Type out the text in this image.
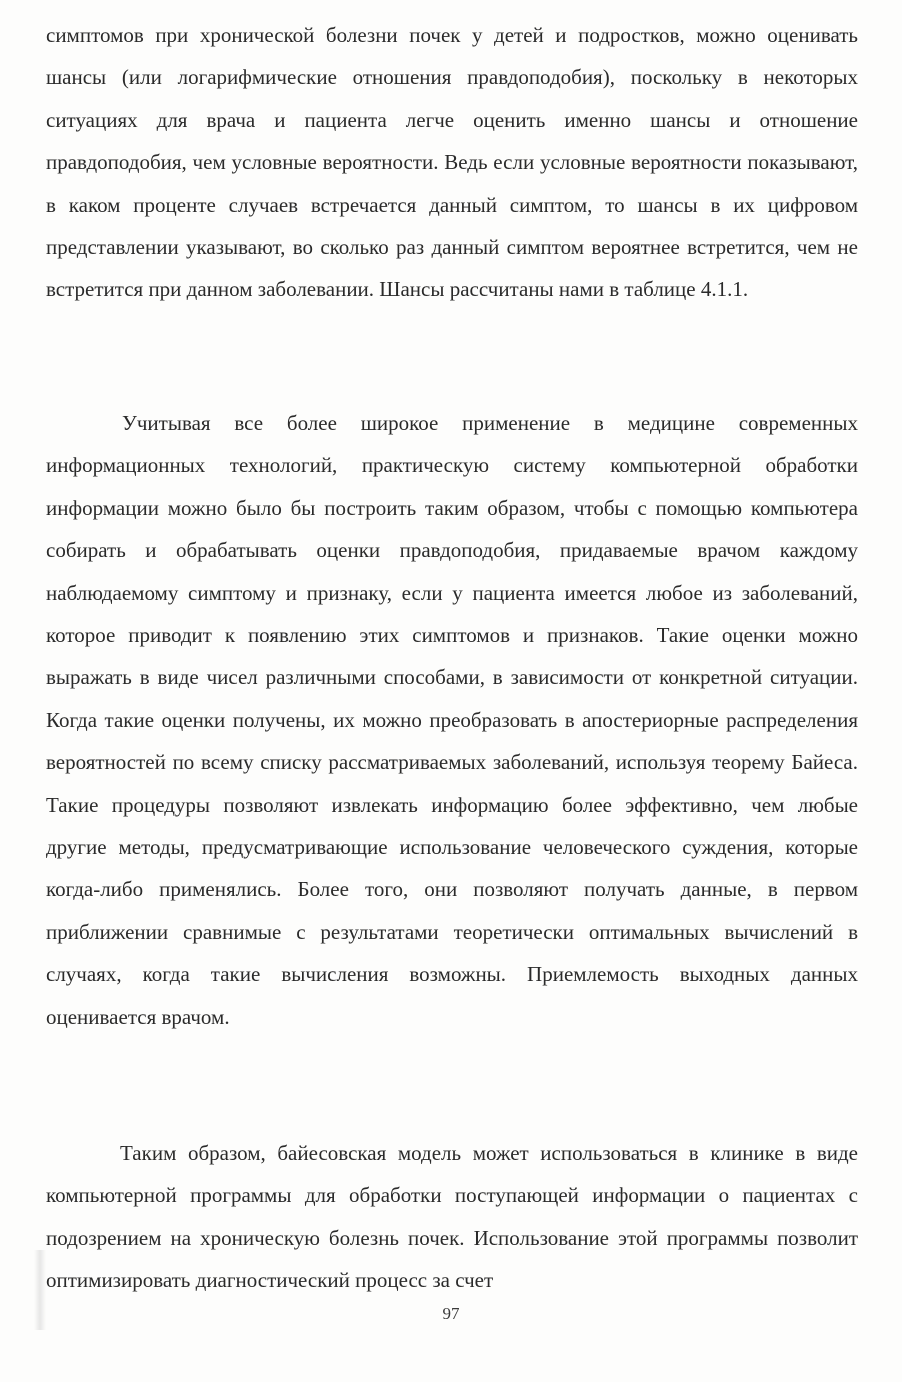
симптомов при хронической болезни почек у детей и подростков, можно оценивать шансы (или логарифмические отношения правдоподобия), поскольку в некоторых ситуациях для врача и пациента легче оценить именно шансы и отношение правдоподобия, чем условные вероятности. Ведь если условные вероятности показывают, в каком проценте случаев встречается данный симптом, то шансы в их цифровом представлении указывают, во сколько раз данный симптом вероятнее встретится, чем не встретится при данном заболевании. Шансы рассчитаны нами в таблице 4.1.1.

Учитывая все более широкое применение в медицине современных информационных технологий, практическую систему компьютерной обработки информации можно было бы построить таким образом, чтобы с помощью компьютера собирать и обрабатывать оценки правдоподобия, придаваемые врачом каждому наблюдаемому симптому и признаку, если у пациента имеется любое из заболеваний, которое приводит к появлению этих симптомов и признаков. Такие оценки можно выражать в виде чисел различными способами, в зависимости от конкретной ситуации. Когда такие оценки получены, их можно преобразовать в апостериорные распределения вероятностей по всему списку рассматриваемых заболеваний, используя теорему Байеса. Такие процедуры позволяют извлекать информацию более эффективно, чем любые другие методы, предусматривающие использование человеческого суждения, которые когда-либо применялись. Более того, они позволяют получать данные, в первом приближении сравнимые с результатами теоретически оптимальных вычислений в случаях, когда такие вычисления возможны. Приемлемость выходных данных оценивается врачом.

Таким образом, байесовская модель может использоваться в клинике в виде компьютерной программы для обработки поступающей информации о пациентах с подозрением на хроническую болезнь почек. Использование этой программы позволит оптимизировать диагностический процесс за счет

97
